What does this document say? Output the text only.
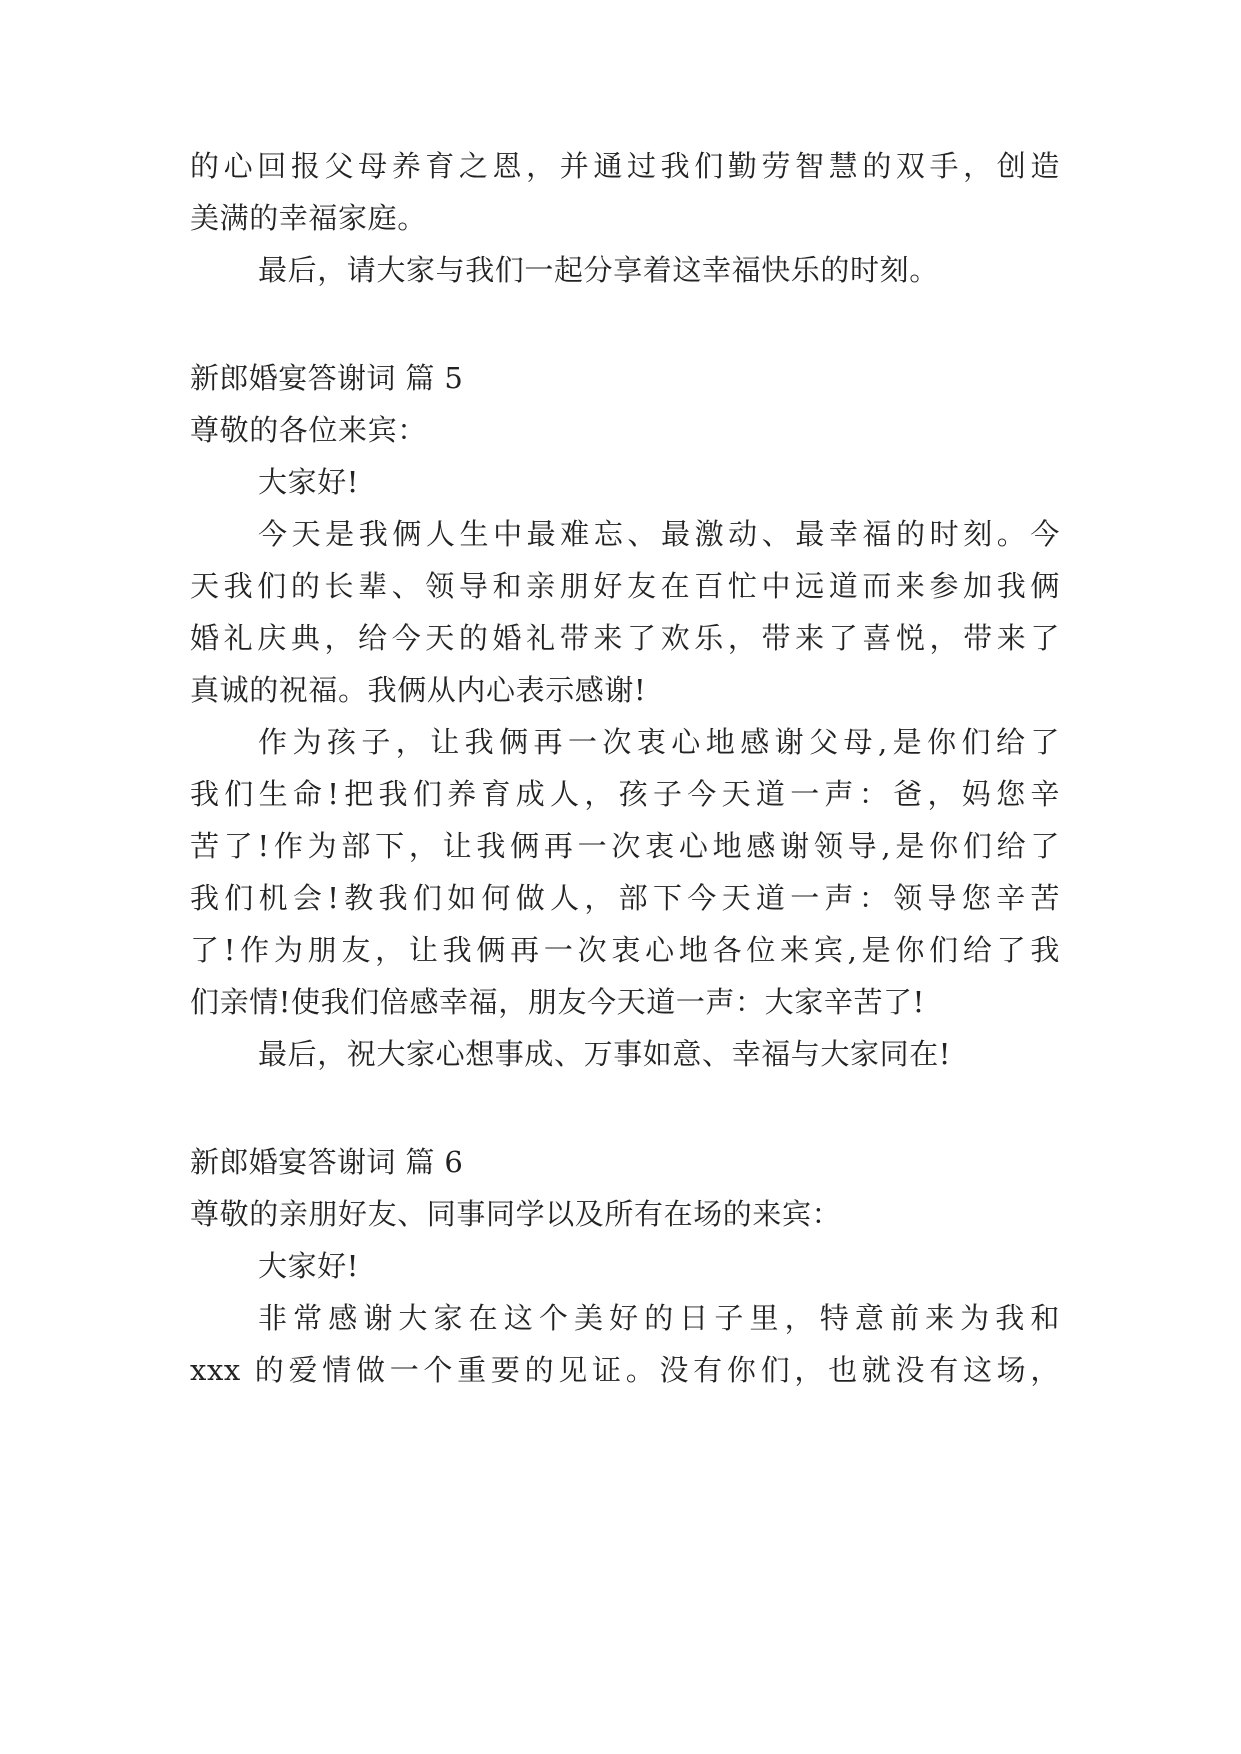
的心回报父母养育之恩，并通过我们勤劳智慧的双手，创造
美满的幸福家庭。
最后，请大家与我们一起分享着这幸福快乐的时刻。
新郎婚宴答谢词 篇 5
尊敬的各位来宾：
大家好!
今天是我俩人生中最难忘、最激动、最幸福的时刻。今
天我们的长辈、领导和亲朋好友在百忙中远道而来参加我俩
婚礼庆典，给今天的婚礼带来了欢乐，带来了喜悦，带来了
真诚的祝福。我俩从内心表示感谢!
作为孩子，让我俩再一次衷心地感谢父母,是你们给了
我们生命!把我们养育成人，孩子今天道一声：爸，妈您辛
苦了!作为部下，让我俩再一次衷心地感谢领导,是你们给了
我们机会!教我们如何做人，部下今天道一声：领导您辛苦
了!作为朋友，让我俩再一次衷心地各位来宾,是你们给了我
们亲情!使我们倍感幸福，朋友今天道一声：大家辛苦了!
最后，祝大家心想事成、万事如意、幸福与大家同在!
新郎婚宴答谢词 篇 6
尊敬的亲朋好友、同事同学以及所有在场的来宾：
大家好!
非常感谢大家在这个美好的日子里，特意前来为我和
xxx 的爱情做一个重要的见证。没有你们，也就没有这场，
